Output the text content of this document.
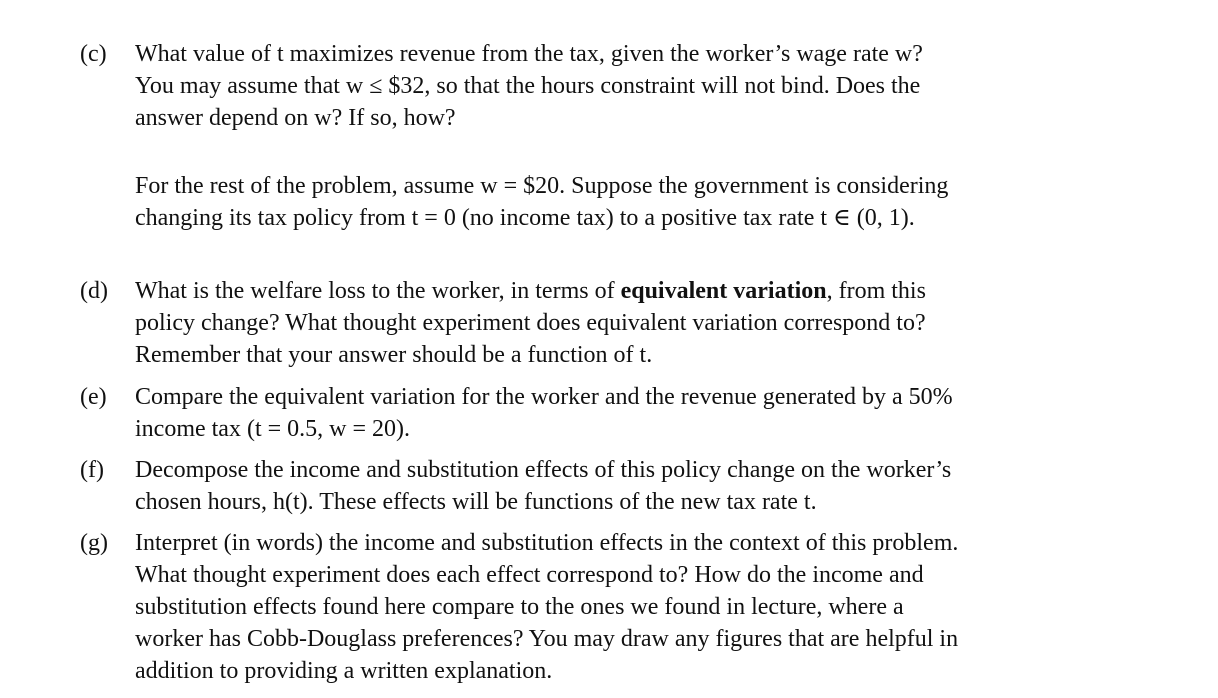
(c) What value of t maximizes revenue from the tax, given the worker’s wage rate w?
You may assume that w ≤ $32, so that the hours constraint will not bind. Does the
answer depend on w? If so, how?
For the rest of the problem, assume w = $20. Suppose the government is considering
changing its tax policy from t = 0 (no income tax) to a positive tax rate t ∈ (0, 1).
(d) What is the welfare loss to the worker, in terms of equivalent variation, from this
policy change? What thought experiment does equivalent variation correspond to?
Remember that your answer should be a function of t.
(e) Compare the equivalent variation for the worker and the revenue generated by a 50%
income tax (t = 0.5, w = 20).
(f) Decompose the income and substitution effects of this policy change on the worker’s
chosen hours, h(t). These effects will be functions of the new tax rate t.
(g) Interpret (in words) the income and substitution effects in the context of this problem.
What thought experiment does each effect correspond to? How do the income and
substitution effects found here compare to the ones we found in lecture, where a
worker has Cobb-Douglass preferences? You may draw any figures that are helpful in
addition to providing a written explanation.
